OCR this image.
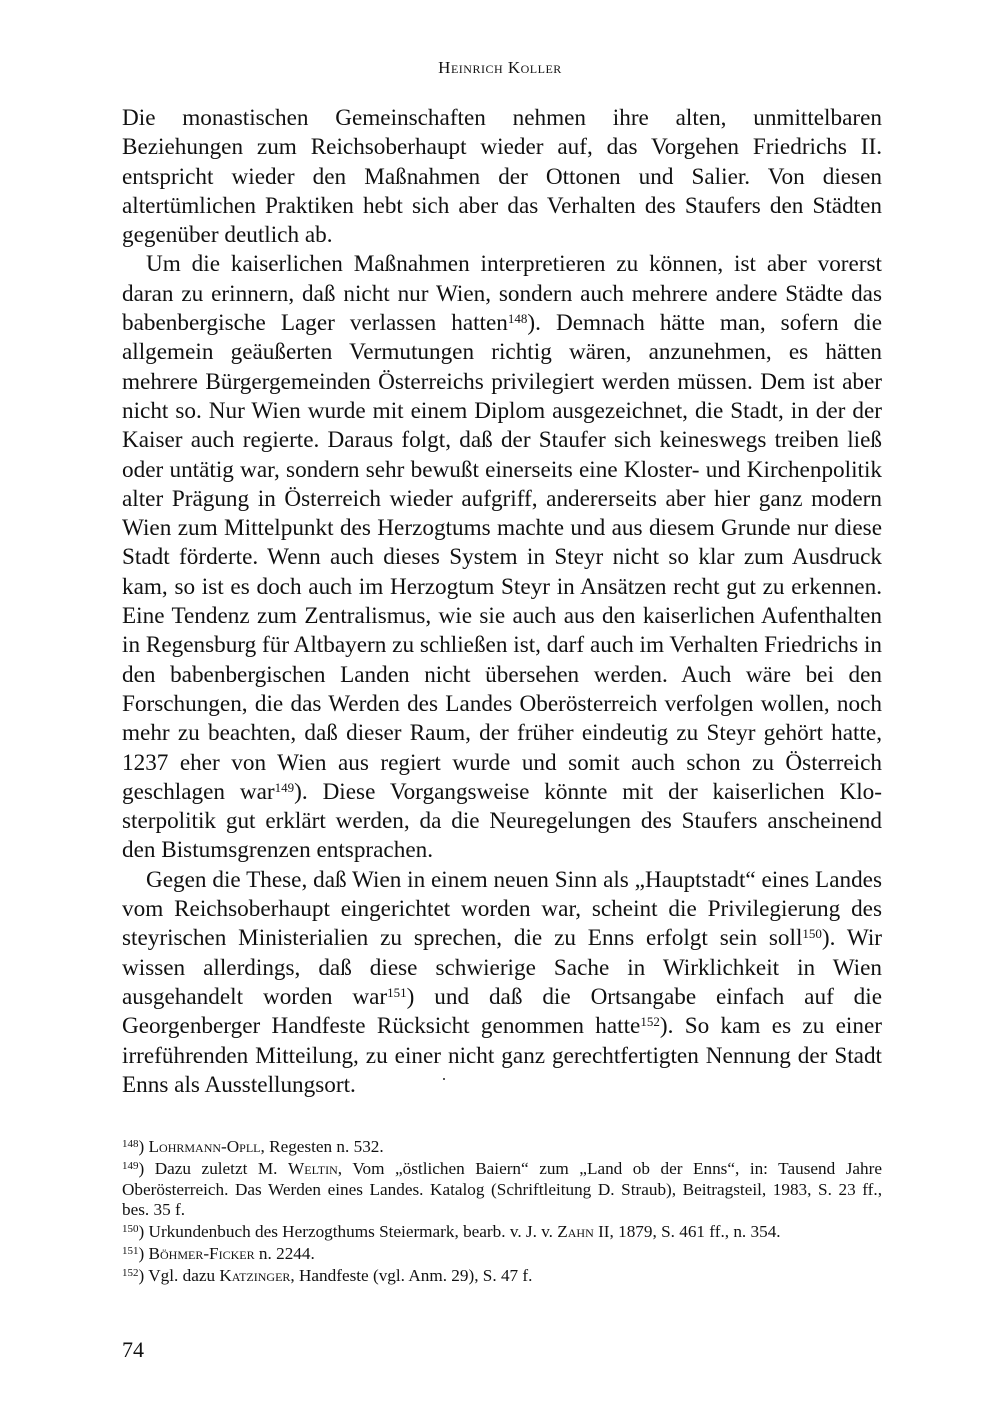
Heinrich Koller

Die monastischen Gemeinschaften nehmen ihre alten, unmittelbaren Beziehungen zum Reichsoberhaupt wieder auf, das Vorgehen Friedrichs II. entspricht wieder den Maßnahmen der Ottonen und Salier. Von diesen altertümlichen Praktiken hebt sich aber das Verhalten des Staufers den Städten gegenüber deutlich ab.

Um die kaiserlichen Maßnahmen interpretieren zu können, ist aber vorerst daran zu erinnern, daß nicht nur Wien, sondern auch mehrere andere Städte das babenbergische Lager verlassen hatten$^{148}$). Demnach hätte man, sofern die allgemein geäußerten Vermutungen richtig wären, anzunehmen, es hätten mehrere Bürgergemeinden Österreichs privilegiert werden müssen. Dem ist aber nicht so. Nur Wien wurde mit einem Diplom ausgezeichnet, die Stadt, in der der Kaiser auch regierte. Daraus folgt, daß der Staufer sich keineswegs treiben ließ oder untätig war, sondern sehr bewußt einerseits eine Kloster- und Kirchenpolitik alter Prägung in Österreich wieder aufgriff, andererseits aber hier ganz modern Wien zum Mittelpunkt des Herzogtums machte und aus diesem Grunde nur diese Stadt förderte. Wenn auch dieses System in Steyr nicht so klar zum Ausdruck kam, so ist es doch auch im Herzogtum Steyr in Ansätzen recht gut zu erkennen. Eine Tendenz zum Zentralismus, wie sie auch aus den kaiserlichen Aufenthalten in Regensburg für Altbayern zu schließen ist, darf auch im Verhalten Friedrichs in den babenbergischen Landen nicht übersehen werden. Auch wäre bei den Forschungen, die das Werden des Landes Oberösterreich verfolgen wollen, noch mehr zu beachten, daß dieser Raum, der früher eindeutig zu Steyr gehört hatte, 1237 eher von Wien aus regiert wurde und somit auch schon zu Österreich geschlagen war$^{149}$). Diese Vorgangsweise könnte mit der kaiserlichen Klosterpolitik gut erklärt werden, da die Neuregelungen des Staufers anscheinend den Bistumsgrenzen entsprachen.

Gegen die These, daß Wien in einem neuen Sinn als „Hauptstadt“ eines Landes vom Reichsoberhaupt eingerichtet worden war, scheint die Privilegierung des steyrischen Ministerialien zu sprechen, die zu Enns erfolgt sein soll$^{150}$). Wir wissen allerdings, daß diese schwierige Sache in Wirklichkeit in Wien ausgehandelt worden war$^{151}$) und daß die Ortsangabe einfach auf die Georgenberger Handfeste Rücksicht genommen hatte$^{152}$). So kam es zu einer irreführenden Mitteilung, zu einer nicht ganz gerechtfertigten Nennung der Stadt Enns als Ausstellungsort.

$^{148}$) Lohrmann-Opll, Regesten n. 532.
$^{149}$) Dazu zuletzt M. Weltin, Vom „östlichen Baiern“ zum „Land ob der Enns“, in: Tausend Jahre Oberösterreich. Das Werden eines Landes. Katalog (Schriftleitung D. Straub), Beitragsteil, 1983, S. 23 ff., bes. 35 f.
$^{150}$) Urkundenbuch des Herzogthums Steiermark, bearb. v. J. v. Zahn II, 1879, S. 461 ff., n. 354.
$^{151}$) Böhmer-Ficker n. 2244.
$^{152}$) Vgl. dazu Katzinger, Handfeste (vgl. Anm. 29), S. 47 f.
74
